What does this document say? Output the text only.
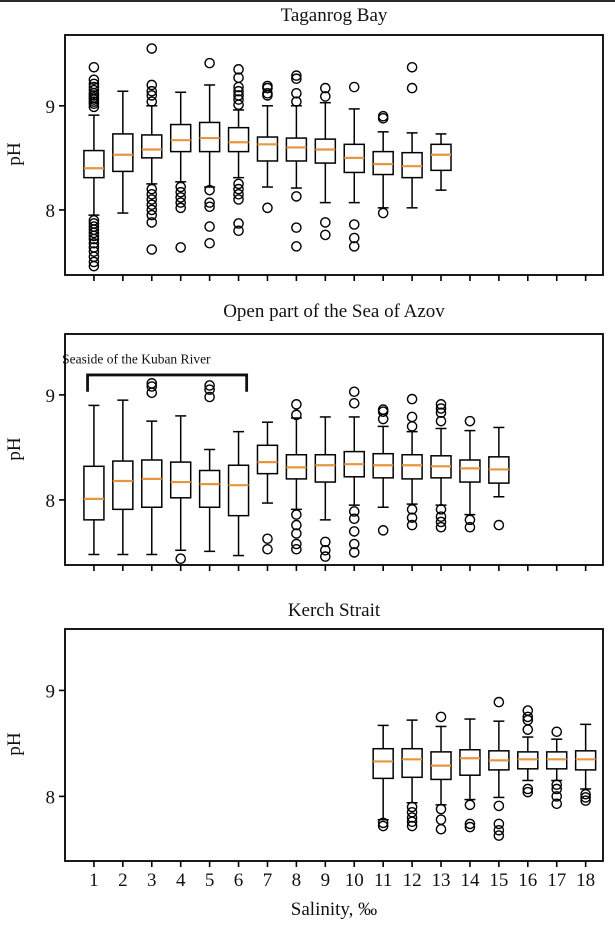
8
9
Seaside of the Kuban River
8
9
8
9
1 2 3 4 5 6 7 8 9 10 11 12 13 14 15 16 17 18
Taganrog Bay
Open part of the Sea of Azov
Kerch Strait
pH
pH
pH
Salinity, ‰
